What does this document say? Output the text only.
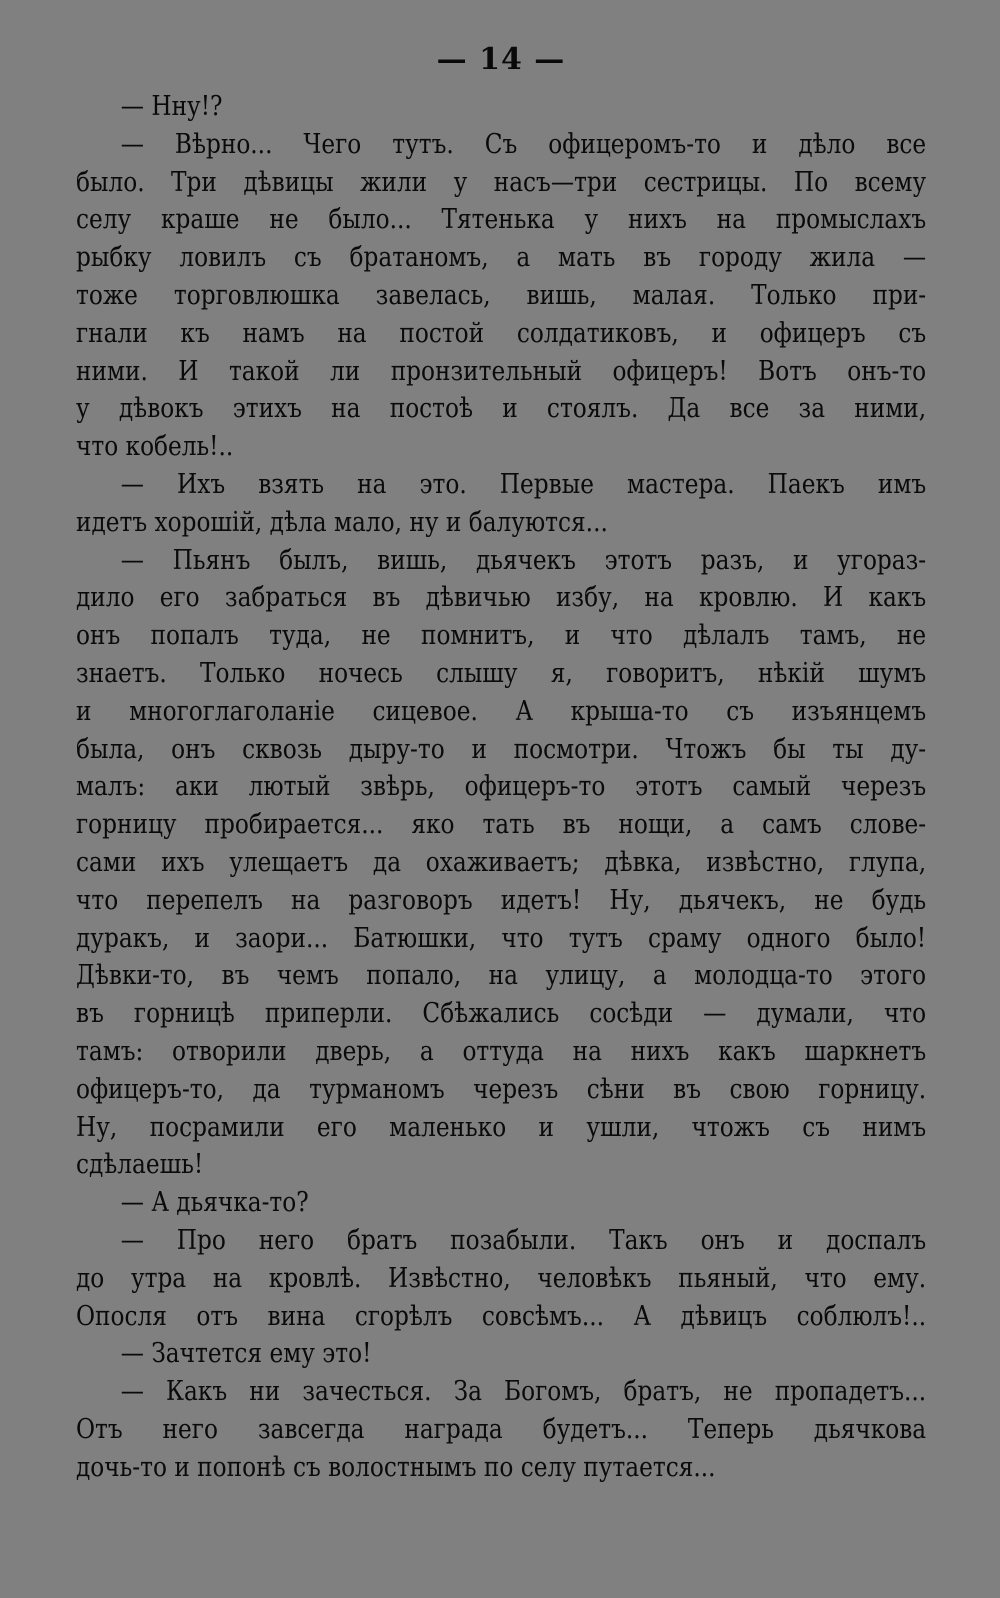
— 14 —
— Нну!?
— Вѣрно... Чего тутъ. Съ офицеромъ-то и дѣло все
было. Три дѣвицы жили у насъ—три сестрицы. По всему
селу краше не было... Тятенька у нихъ на промыслахъ
рыбку ловилъ съ братаномъ, а мать въ городу жила —
тоже торговлюшка завелась, вишь, малая. Только при-
гнали къ намъ на постой солдатиковъ, и офицеръ съ
ними. И такой ли пронзительный офицеръ! Вотъ онъ-то
у дѣвокъ этихъ на постоѣ и стоялъ. Да все за ними,
что кобель!..
— Ихъ взять на это. Первые мастера. Паекъ имъ
идетъ хорошій, дѣла мало, ну и балуются...
— Пьянъ былъ, вишь, дьячекъ этотъ разъ, и угораз-
дило его забраться въ дѣвичью избу, на кровлю. И какъ
онъ попалъ туда, не помнитъ, и что дѣлалъ тамъ, не
знаетъ. Только ночесь слышу я, говоритъ, нѣкій шумъ
и многоглаголаніе сицевое. А крыша-то съ изъянцемъ
была, онъ сквозь дыру-то и посмотри. Чтожъ бы ты ду-
малъ: аки лютый звѣрь, офицеръ-то этотъ самый черезъ
горницу пробирается... яко тать въ нощи, а самъ слове-
сами ихъ улещаетъ да охаживаетъ; дѣвка, извѣстно, глупа,
что перепелъ на разговоръ идетъ! Ну, дьячекъ, не будь
дуракъ, и заори... Батюшки, что тутъ сраму одного было!
Дѣвки-то, въ чемъ попало, на улицу, а молодца-то этого
въ горницѣ приперли. Сбѣжались сосѣди — думали, что
тамъ: отворили дверь, а оттуда на нихъ какъ шаркнетъ
офицеръ-то, да турманомъ черезъ сѣни въ свою горницу.
Ну, посрамили его маленько и ушли, чтожъ съ нимъ
сдѣлаешь!
— А дьячка-то?
— Про него братъ позабыли. Такъ онъ и доспалъ
до утра на кровлѣ. Извѣстно, человѣкъ пьяный, что ему.
Опосля отъ вина сгорѣлъ совсѣмъ... А дѣвицъ соблюлъ!..
— Зачтется ему это!
— Какъ ни зачесться. За Богомъ, братъ, не пропадетъ...
Отъ него завсегда награда будетъ... Теперь дьячкова
дочь-то и попонѣ съ волостнымъ по селу путается...
